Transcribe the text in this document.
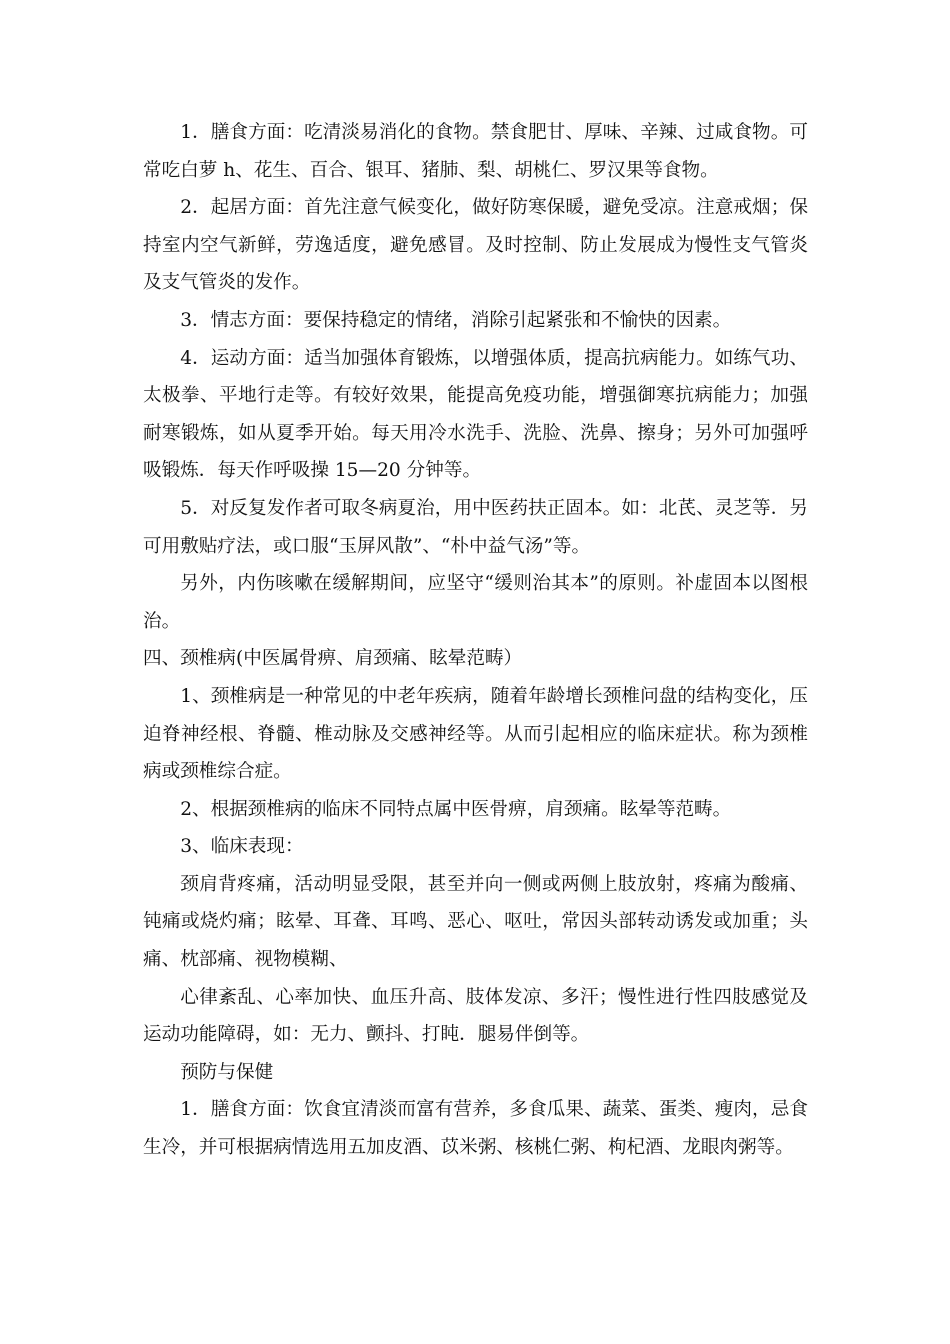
1．膳食方面：吃清淡易消化的食物。禁食肥甘、厚味、辛辣、过咸食物。可常吃白萝 h、花生、百合、银耳、猪肺、梨、胡桃仁、罗汉果等食物。

2．起居方面：首先注意气候变化，做好防寒保暖，避免受凉。注意戒烟；保持室内空气新鲜，劳逸适度，避免感冒。及时控制、防止发展成为慢性支气管炎及支气管炎的发作。

3．情志方面：要保持稳定的情绪，消除引起紧张和不愉快的因素。

4．运动方面：适当加强体育锻炼，以增强体质，提高抗病能力。如练气功、太极拳、平地行走等。有较好效果，能提高免疫功能，增强御寒抗病能力；加强耐寒锻炼，如从夏季开始。每天用冷水洗手、洗脸、洗鼻、擦身；另外可加强呼吸锻炼．每天作呼吸操 15—20 分钟等。

5．对反复发作者可取冬病夏治，用中医药扶正固本。如：北芪、灵芝等．另可用敷贴疗法，或口服“玉屏风散”、“朴中益气汤”等。

另外，内伤咳嗽在缓解期间，应坚守“缓则治其本”的原则。补虚固本以图根治。

四、颈椎病(中医属骨痹、肩颈痛、眩晕范畴）

1、颈椎病是一种常见的中老年疾病，随着年龄增长颈椎问盘的结构变化，压迫脊神经根、脊髓、椎动脉及交感神经等。从而引起相应的临床症状。称为颈椎病或颈椎综合症。

2、根据颈椎病的临床不同特点属中医骨痹，肩颈痛。眩晕等范畴。

3、临床表现：

颈肩背疼痛，活动明显受限，甚至并向一侧或两侧上肢放射，疼痛为酸痛、钝痛或烧灼痛；眩晕、耳聋、耳鸣、恶心、呕吐，常因头部转动诱发或加重；头痛、枕部痛、视物模糊、

心律紊乱、心率加快、血压升高、肢体发凉、多汗；慢性进行性四肢感觉及运动功能障碍，如：无力、颤抖、打盹．腿易伴倒等。

预防与保健

1．膳食方面：饮食宜清淡而富有营养，多食瓜果、蔬菜、蛋类、瘦肉，忌食生冷，并可根据病情选用五加皮酒、苡米粥、核桃仁粥、枸杞酒、龙眼肉粥等。
